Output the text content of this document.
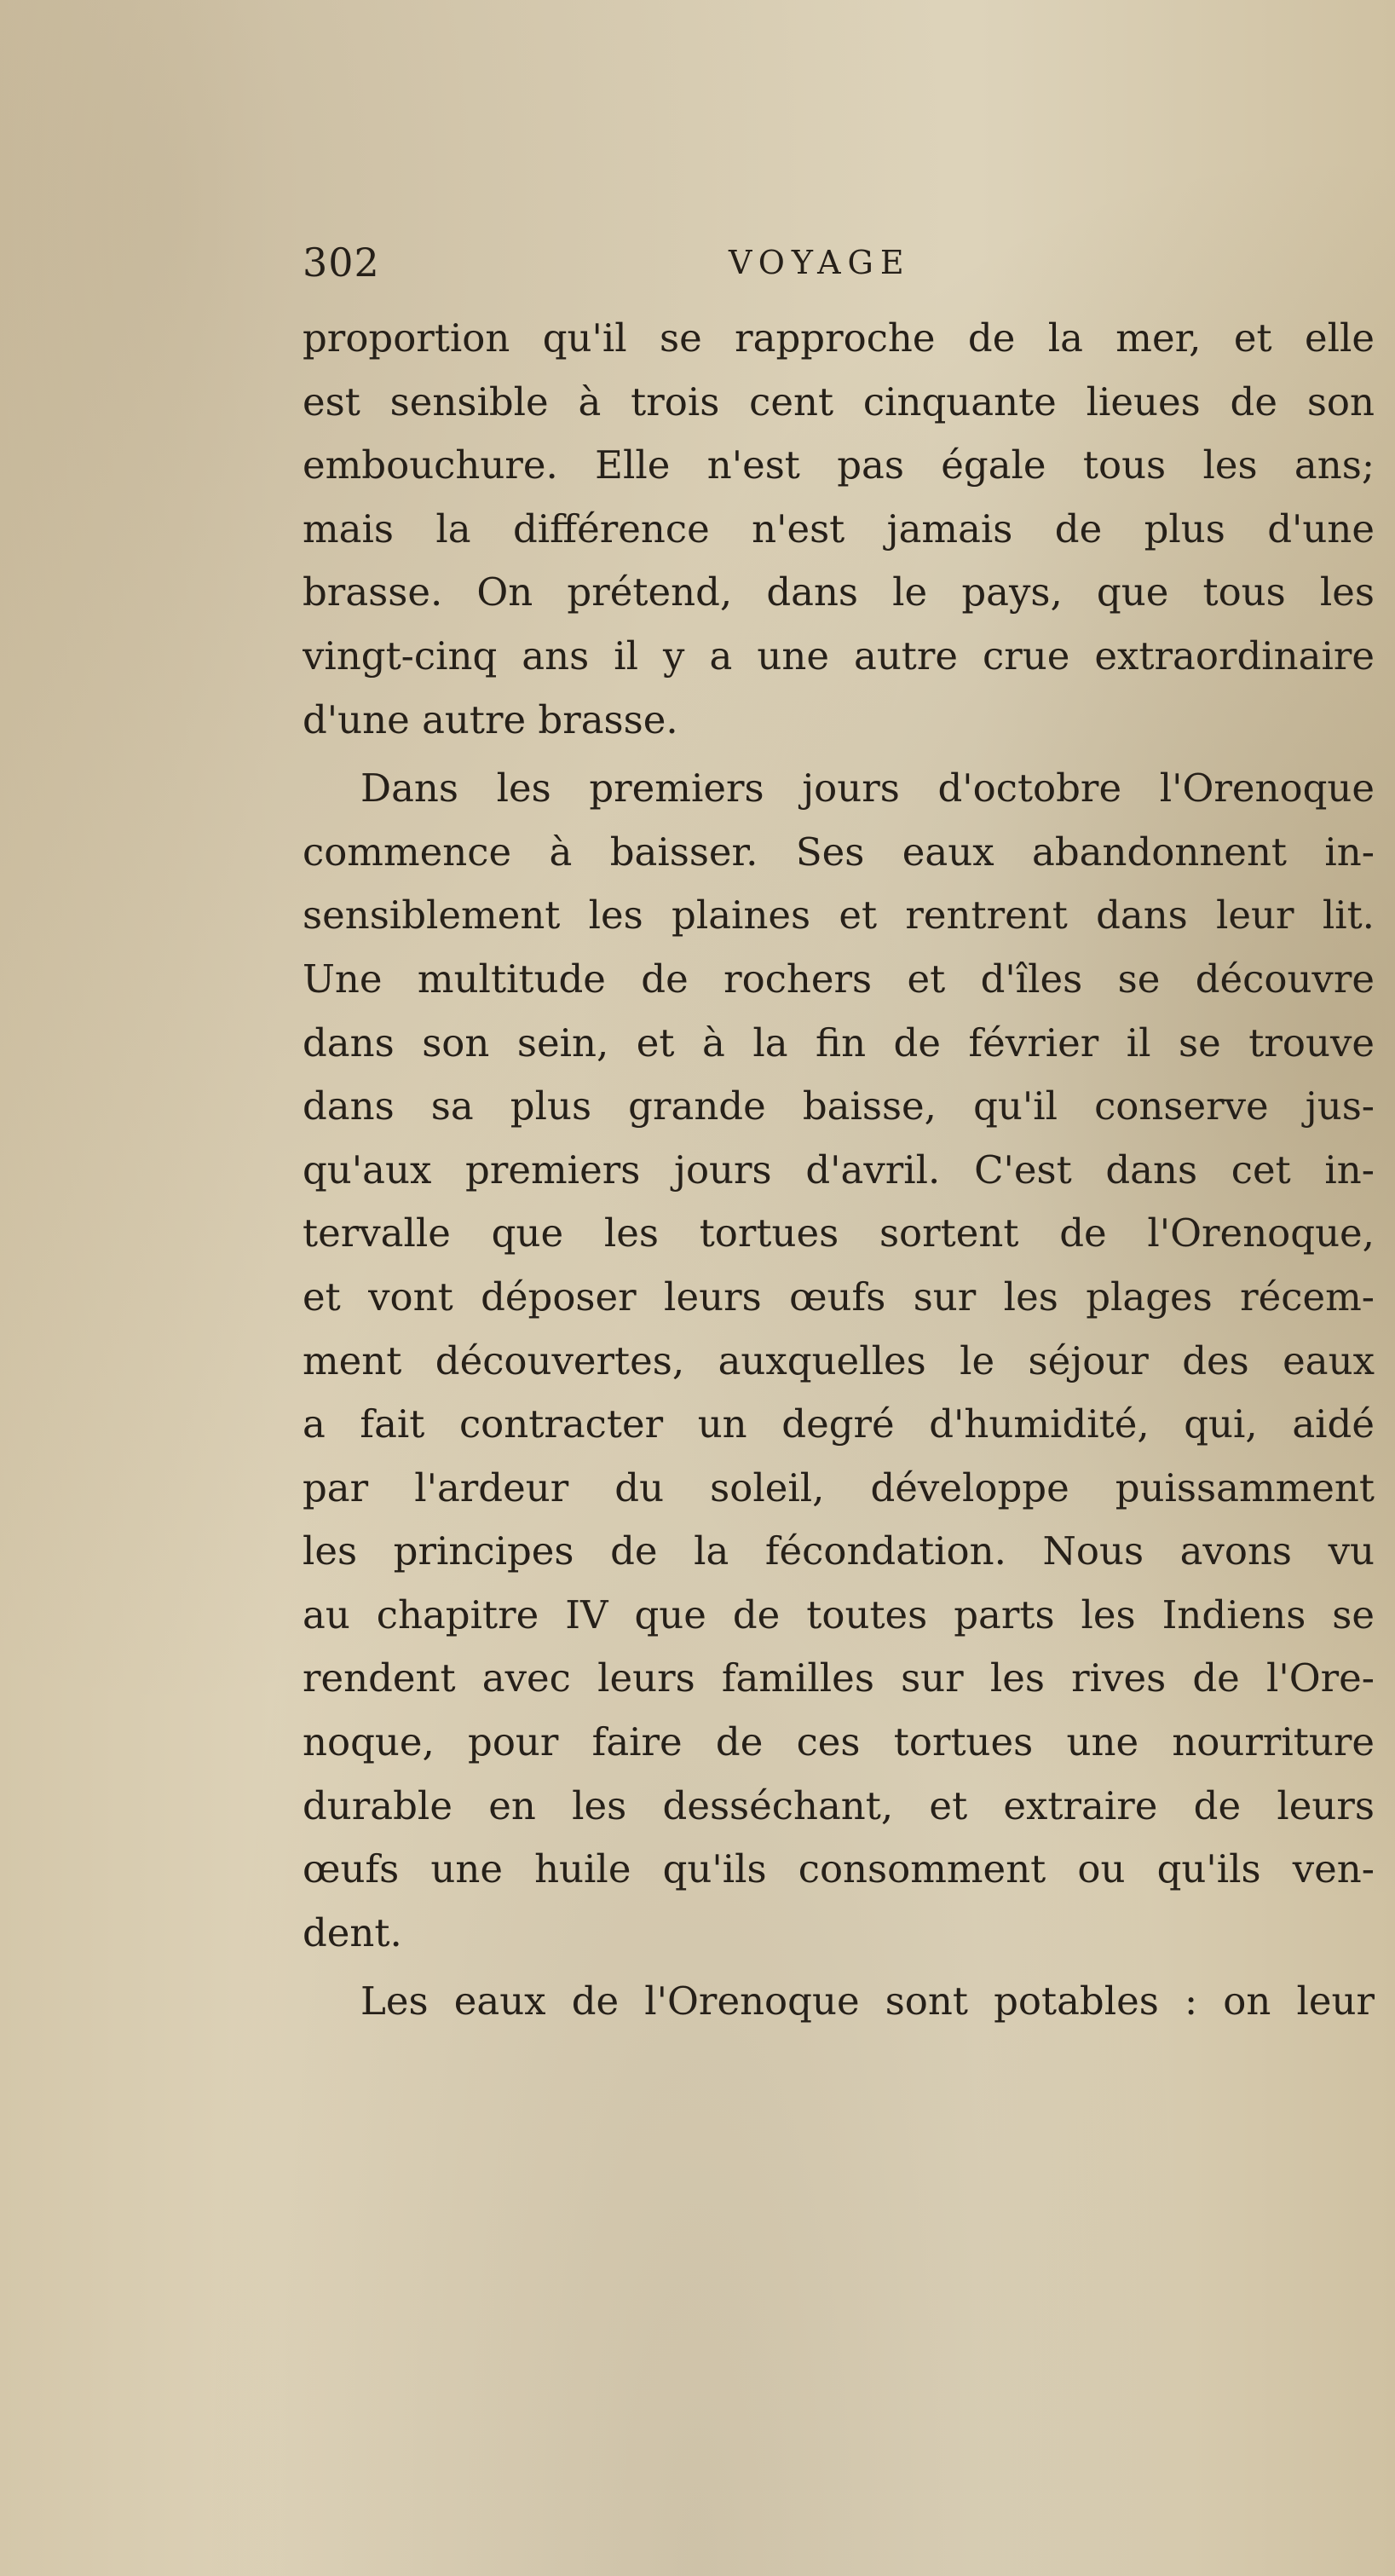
302	VOYAGE
proportion qu'il se rapproche de la mer, et elle
est sensible à trois cent cinquante lieues de son
embouchure. Elle n'est pas égale tous les ans;
mais la différence n'est jamais de plus d'une
brasse. On prétend, dans le pays, que tous les
vingt-cinq ans il y a une autre crue extraordinaire
d'une autre brasse.
Dans les premiers jours d'octobre l'Orenoque
commence à baisser. Ses eaux abandonnent in-
sensiblement les plaines et rentrent dans leur lit.
Une multitude de rochers et d'îles se découvre
dans son sein, et à la fin de février il se trouve
dans sa plus grande baisse, qu'il conserve jus-
qu'aux premiers jours d'avril. C'est dans cet in-
tervalle que les tortues sortent de l'Orenoque,
et vont déposer leurs œufs sur les plages récem-
ment découvertes, auxquelles le séjour des eaux
a fait contracter un degré d'humidité, qui, aidé
par l'ardeur du soleil, développe puissamment
les principes de la fécondation. Nous avons vu
au chapitre IV que de toutes parts les Indiens se
rendent avec leurs familles sur les rives de l'Ore-
noque, pour faire de ces tortues une nourriture
durable en les desséchant, et extraire de leurs
œufs une huile qu'ils consomment ou qu'ils ven-
dent.
Les eaux de l'Orenoque sont potables : on leur
